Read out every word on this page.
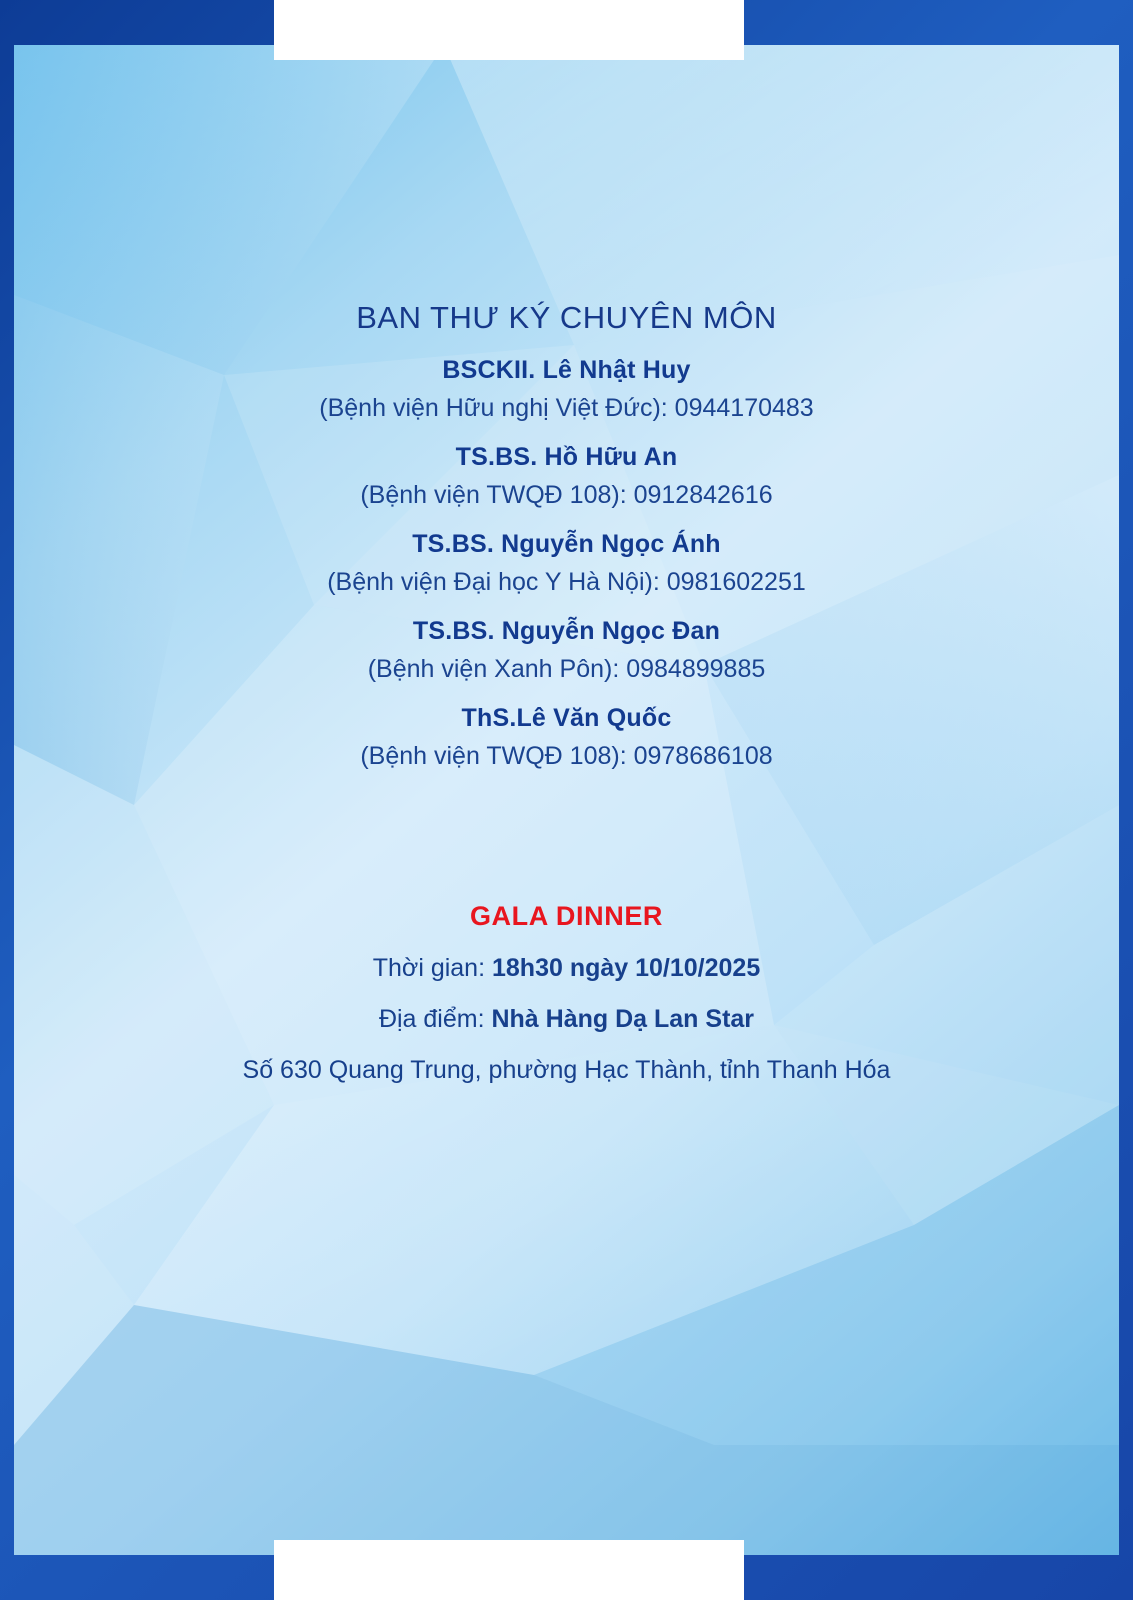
BAN THƯ KÝ CHUYÊN MÔN
BSCKII. Lê Nhật Huy
(Bệnh viện Hữu nghị Việt Đức): 0944170483
TS.BS. Hồ Hữu An
(Bệnh viện TWQĐ 108): 0912842616
TS.BS. Nguyễn Ngọc Ánh
(Bệnh viện Đại học Y Hà Nội): 0981602251
TS.BS. Nguyễn Ngọc Đan
(Bệnh viện Xanh Pôn): 0984899885
ThS.Lê Văn Quốc
(Bệnh viện TWQĐ 108): 0978686108
GALA DINNER
Thời gian: 18h30 ngày 10/10/2025
Địa điểm: Nhà Hàng Dạ Lan Star
Số 630 Quang Trung, phường Hạc Thành, tỉnh Thanh Hóa
